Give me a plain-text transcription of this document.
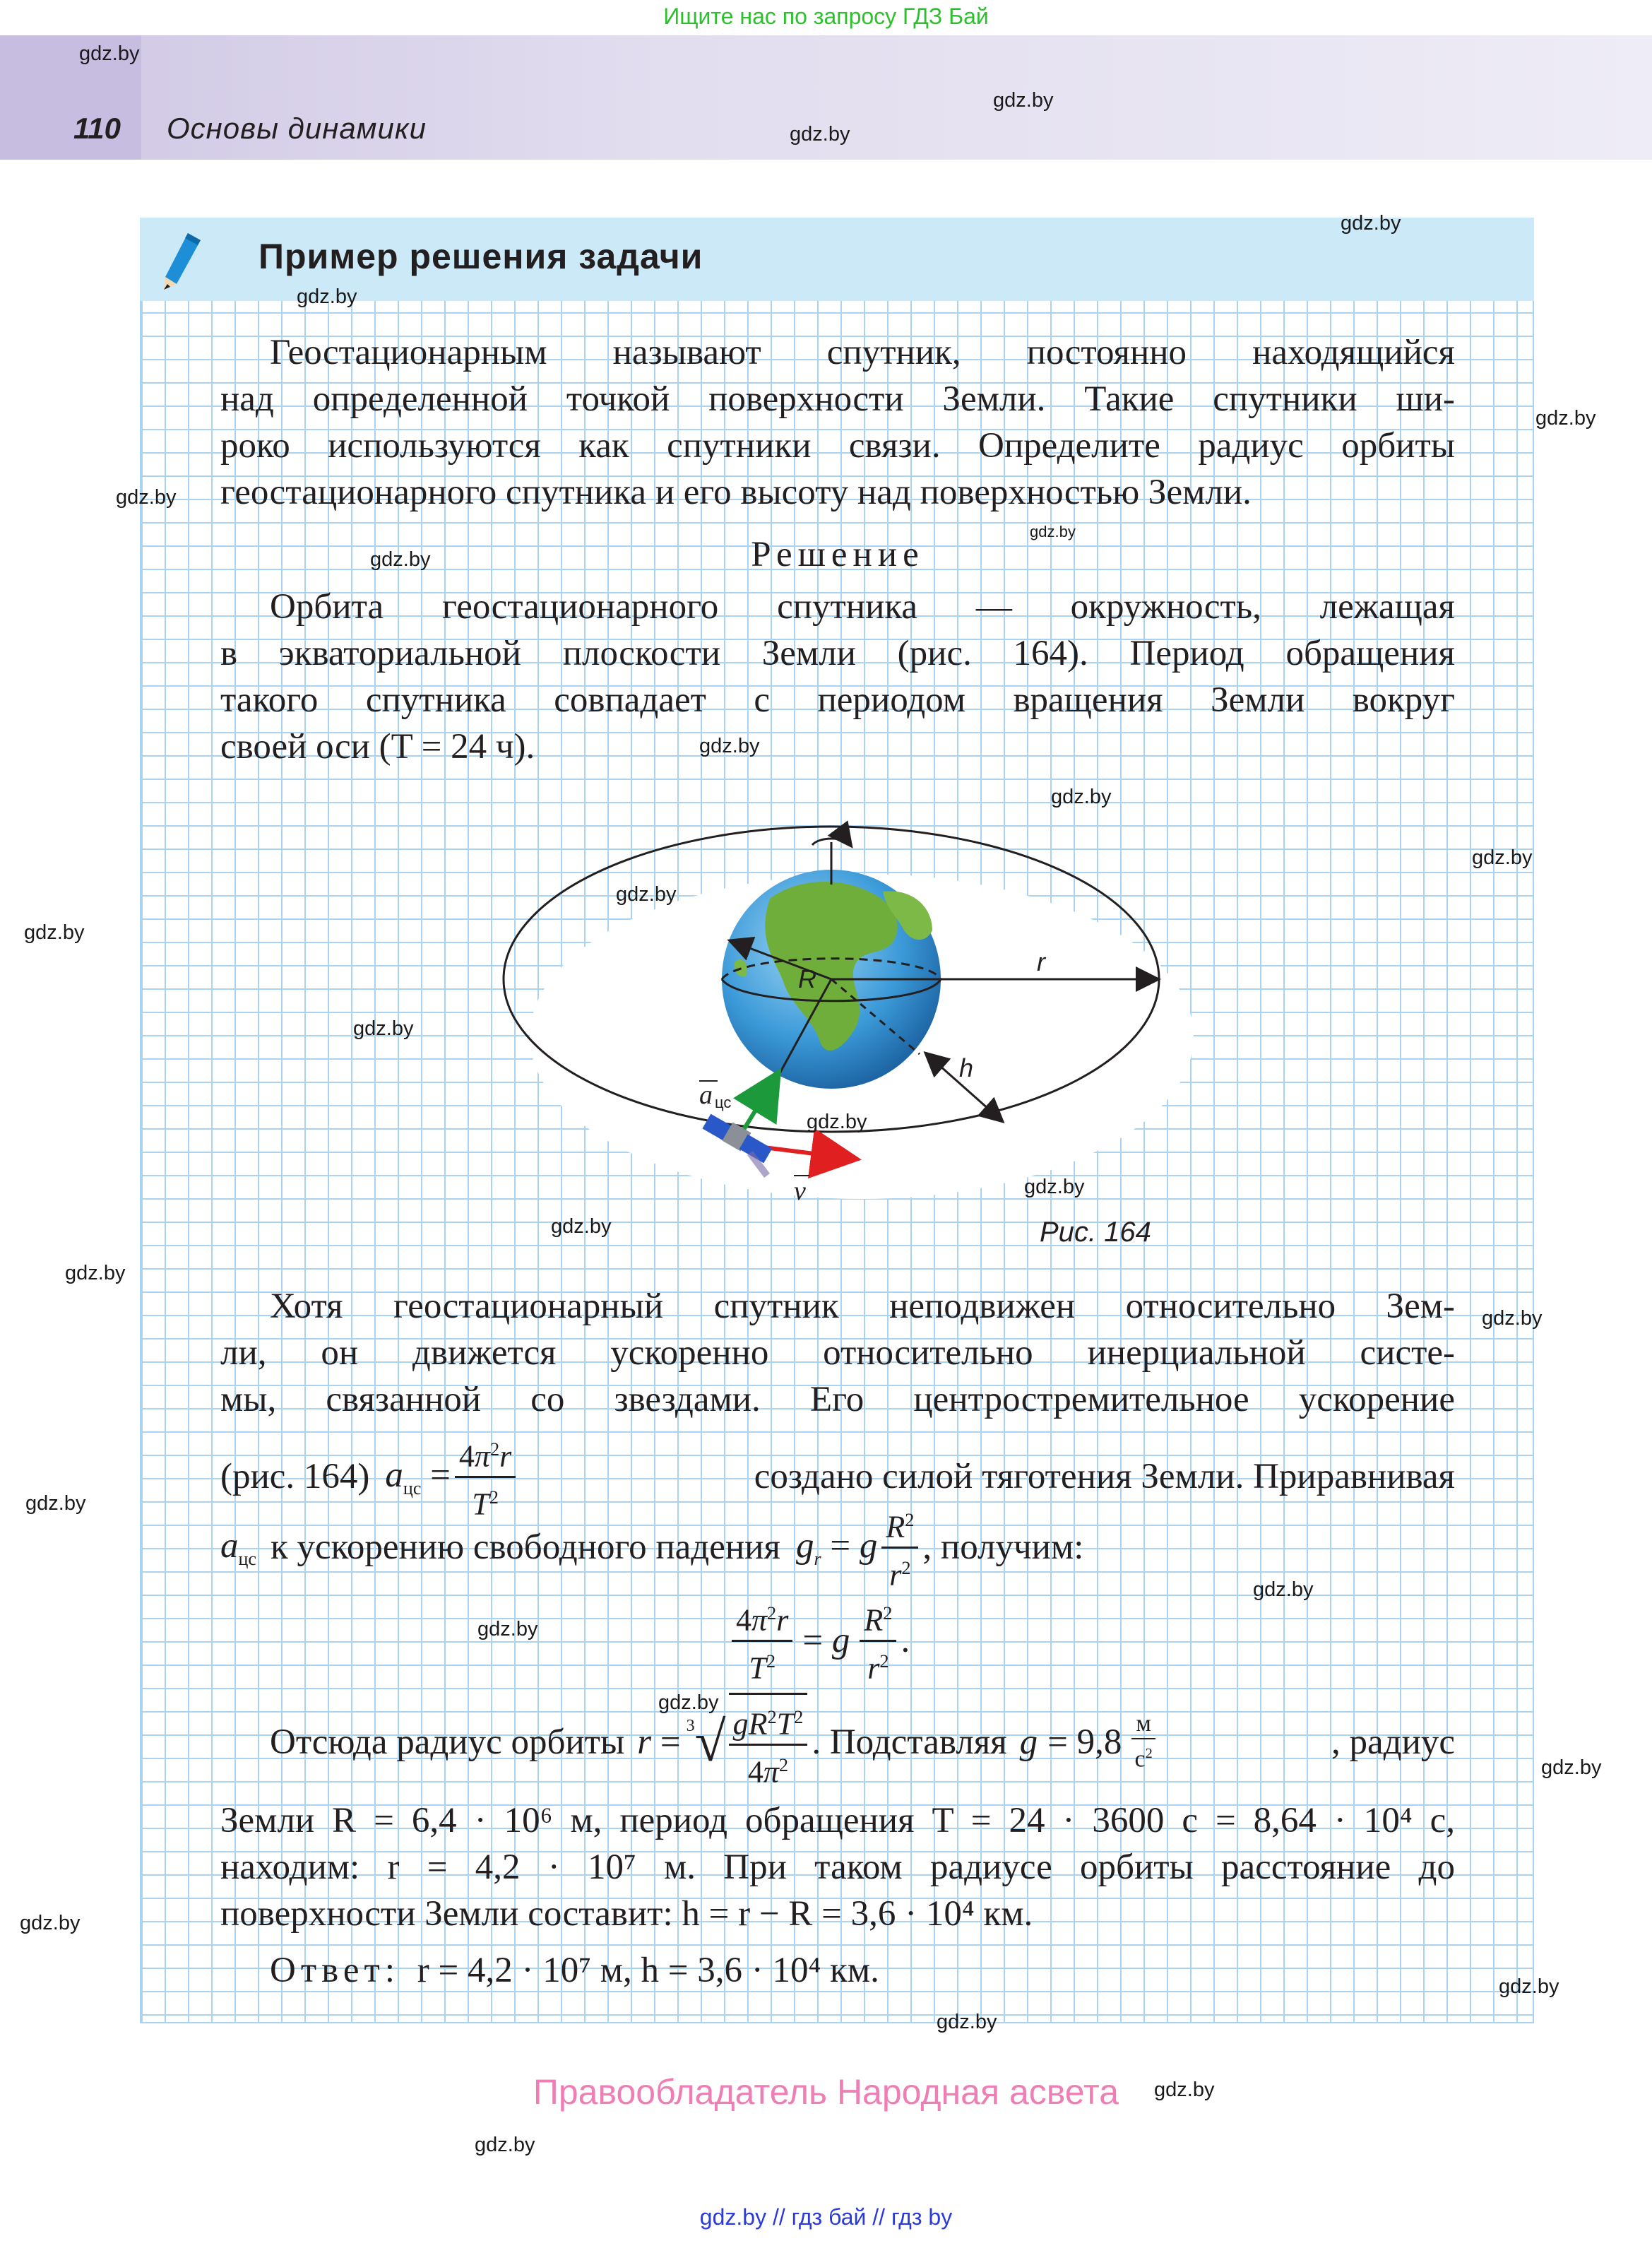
Ищите нас по запросу ГДЗ Бай
110 Основы динамики
Пример решения задачи
Геостационарным называют спутник, постоянно находящийся
над определенной точкой поверхности Земли. Такие спутники ши-
роко используются как спутники связи. Определите радиус орбиты
геостационарного спутника и его высоту над поверхностью Земли.
Решение
Орбита геостационарного спутника — окружность, лежащая
в экваториальной плоскости Земли (рис. 164). Период обращения
такого спутника совпадает с периодом вращения Земли вокруг
своей оси (T = 24 ч).
R
r
h
a цс
v
Рис. 164
Хотя геостационарный спутник неподвижен относительно Зем-
ли, он движется ускоренно относительно инерциальной систе-
мы, связанной со звездами. Его центростремительное ускорение
(рис. 164) $a_{цс} = \frac{4\pi^2r}{T^2}$	создано силой тяготения Земли. Приравнивая
$a_{цс}$ к ускорению свободного падения $g_r = g \frac{R^2}{r^2}$ , получим:
$\frac{4\pi^2r}{T^2} = g \frac{R^2}{r^2}$ .
Отсюда радиус орбиты r = 3 √ $\frac{gR^2T^2}{4\pi^2}$ . Подставляя $g = 9,8 \frac{м}{с^2}$	, радиус
Земли R = 6,4 · 10⁶ м, период обращения T = 24 · 3600 с = 8,64 · 10⁴ с,
находим: r = 4,2 · 10⁷ м. При таком радиусе орбиты расстояние до
поверхности Земли составит: h = r − R = 3,6 · 10⁴ км.
Ответ: r = 4,2 · 10⁷ м, h = 3,6 · 10⁴ км.
Правообладатель Народная асвета
gdz.by // гдз бай // гдз by
gdz.by
gdz.by
gdz.by
gdz.by
gdz.by
gdz.by
gdz.by
gdz.by
gdz.by
gdz.by
gdz.by
gdz.by
gdz.by
gdz.by
gdz.by
gdz.by
gdz.by
gdz.by
gdz.by
gdz.by
gdz.by
gdz.by
gdz.by
gdz.by
gdz.by
gdz.by
gdz.by
gdz.by
gdz.by
gdz.by
